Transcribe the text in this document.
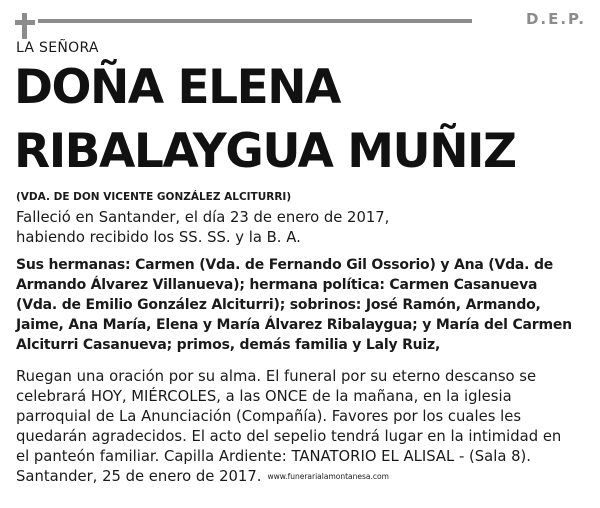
D.E.P.
LA SEÑORA
DOÑA ELENA
RIBALAYGUA MUÑIZ
(VDA. DE DON VICENTE GONZÁLEZ ALCITURRI)
Falleció en Santander, el día 23 de enero de 2017,
habiendo recibido los SS. SS. y la B. A.
Sus hermanas: Carmen (Vda. de Fernando Gil Ossorio) y Ana (Vda. de
Armando Álvarez Villanueva); hermana política: Carmen Casanueva
(Vda. de Emilio González Alciturri); sobrinos: José Ramón, Armando,
Jaime, Ana María, Elena y María Álvarez Ribalaygua; y María del Carmen
Alciturri Casanueva; primos, demás familia y Laly Ruiz,
Ruegan una oración por su alma. El funeral por su eterno descanso se
celebrará HOY, MIÉRCOLES, a las ONCE de la mañana, en la iglesia
parroquial de La Anunciación (Compañía). Favores por los cuales les
quedarán agradecidos. El acto del sepelio tendrá lugar en la intimidad en
el panteón familiar. Capilla Ardiente: TANATORIO EL ALISAL - (Sala 8).
Santander, 25 de enero de 2017. www.funerarialamontanesa.com
